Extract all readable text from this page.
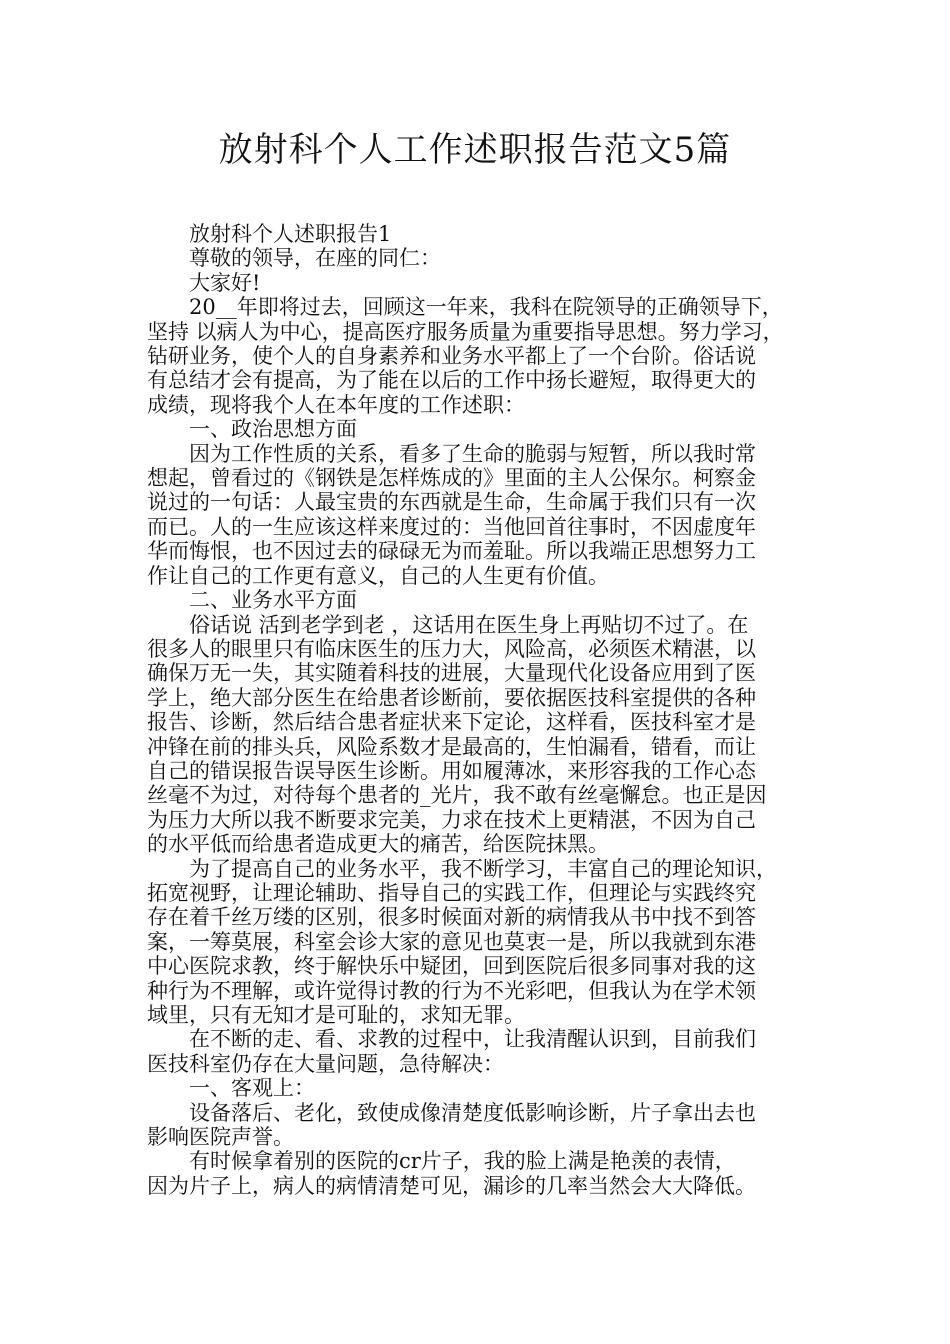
放射科个人工作述职报告范文5篇
　　放射科个人述职报告1
　　尊敬的领导，在座的同仁：
　　大家好!
　　20__年即将过去，回顾这一年来，我科在院领导的正确领导下，
坚持 以病人为中心，提高医疗服务质量为重要指导思想。努力学习，
钻研业务，使个人的自身素养和业务水平都上了一个台阶。俗话说
有总结才会有提高，为了能在以后的工作中扬长避短，取得更大的
成绩，现将我个人在本年度的工作述职：
　　一、政治思想方面
　　因为工作性质的关系，看多了生命的脆弱与短暂，所以我时常
想起，曾看过的《钢铁是怎样炼成的》里面的主人公保尔。柯察金
说过的一句话：人最宝贵的东西就是生命，生命属于我们只有一次
而已。人的一生应该这样来度过的：当他回首往事时，不因虚度年
华而悔恨，也不因过去的碌碌无为而羞耻。所以我端正思想努力工
作让自己的工作更有意义，自己的人生更有价值。
　　二、业务水平方面
　　俗话说 活到老学到老 ，这话用在医生身上再贴切不过了。在
很多人的眼里只有临床医生的压力大，风险高，必须医术精湛，以
确保万无一失，其实随着科技的进展，大量现代化设备应用到了医
学上，绝大部分医生在给患者诊断前，要依据医技科室提供的各种
报告、诊断，然后结合患者症状来下定论，这样看，医技科室才是
冲锋在前的排头兵，风险系数才是最高的，生怕漏看，错看，而让
自己的错误报告误导医生诊断。用如履薄冰，来形容我的工作心态
丝毫不为过，对待每个患者的_光片，我不敢有丝毫懈怠。也正是因
为压力大所以我不断要求完美，力求在技术上更精湛，不因为自己
的水平低而给患者造成更大的痛苦，给医院抹黑。
　　为了提高自己的业务水平，我不断学习，丰富自己的理论知识，
拓宽视野，让理论辅助、指导自己的实践工作，但理论与实践终究
存在着千丝万缕的区别，很多时候面对新的病情我从书中找不到答
案，一筹莫展，科室会诊大家的意见也莫衷一是，所以我就到东港
中心医院求教，终于解快乐中疑团，回到医院后很多同事对我的这
种行为不理解，或许觉得讨教的行为不光彩吧，但我认为在学术领
域里，只有无知才是可耻的，求知无罪。
　　在不断的走、看、求教的过程中，让我清醒认识到，目前我们
医技科室仍存在大量问题，急待解决：
　　一、客观上：
　　设备落后、老化，致使成像清楚度低影响诊断，片子拿出去也
影响医院声誉。
　　有时候拿着别的医院的cr片子，我的脸上满是艳羡的表情，
因为片子上，病人的病情清楚可见，漏诊的几率当然会大大降低。
